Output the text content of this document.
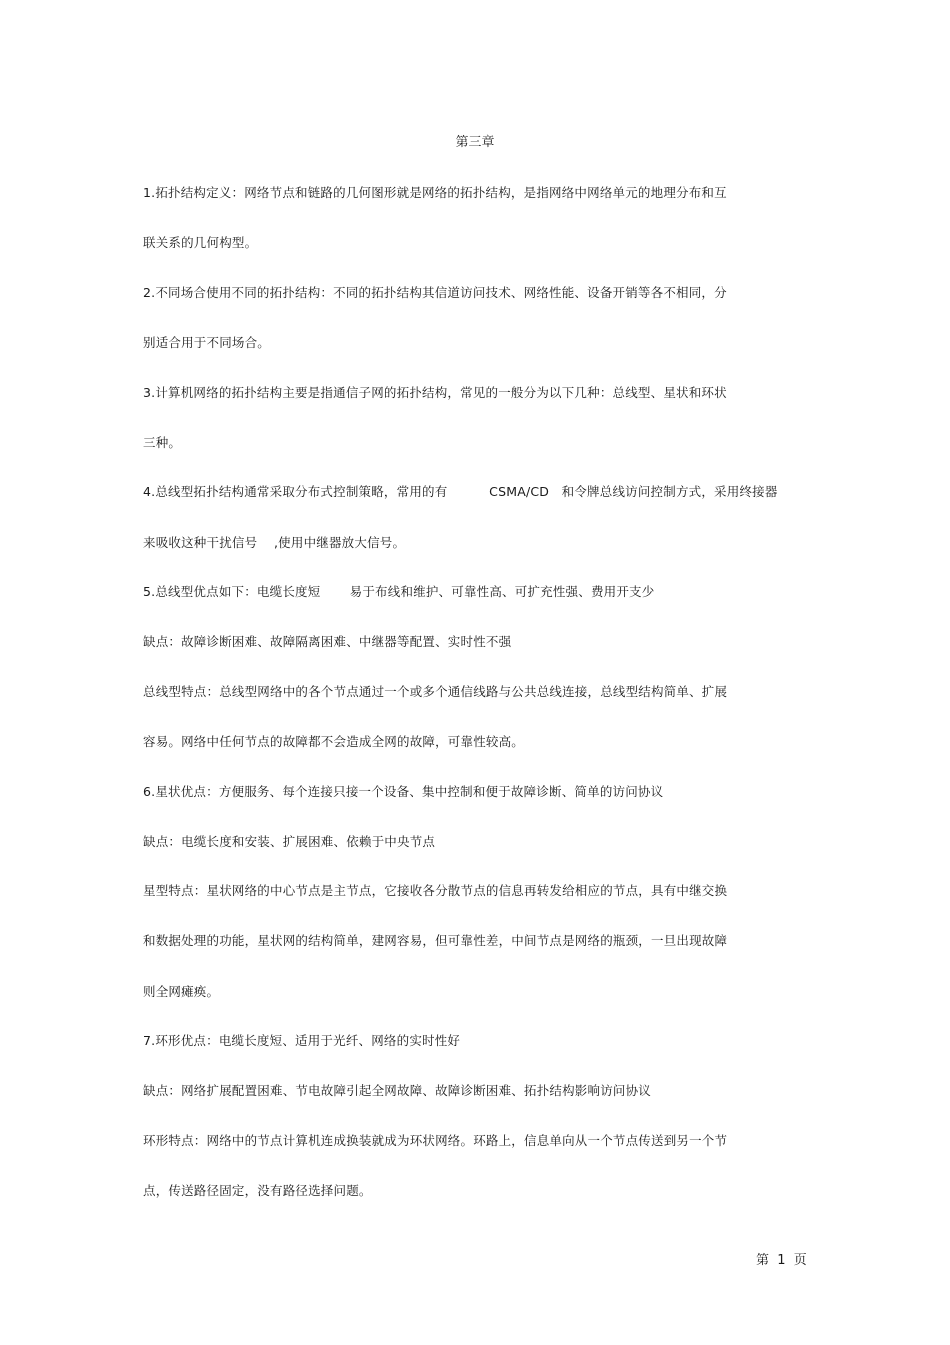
第三章
1.拓扑结构定义：网络节点和链路的几何图形就是网络的拓扑结构，是指网络中网络单元的地理分布和互
联关系的几何构型。
2.不同场合使用不同的拓扑结构：不同的拓扑结构其信道访问技术、网络性能、设备开销等各不相同，分
别适合用于不同场合。
3.计算机网络的拓扑结构主要是指通信子网的拓扑结构，常见的一般分为以下几种：总线型、星状和环状
三种。
4.总线型拓扑结构通常采取分布式控制策略，常用的有          CSMA/CD   和令牌总线访问控制方式，采用终接器
来吸收这种干扰信号    ,使用中继器放大信号。
5.总线型优点如下：电缆长度短       易于布线和维护、可靠性高、可扩充性强、费用开支少
缺点：故障诊断困难、故障隔离困难、中继器等配置、实时性不强
总线型特点：总线型网络中的各个节点通过一个或多个通信线路与公共总线连接，总线型结构简单、扩展
容易。网络中任何节点的故障都不会造成全网的故障，可靠性较高。
6.星状优点：方便服务、每个连接只接一个设备、集中控制和便于故障诊断、简单的访问协议
缺点：电缆长度和安装、扩展困难、依赖于中央节点
星型特点：星状网络的中心节点是主节点，它接收各分散节点的信息再转发给相应的节点，具有中继交换
和数据处理的功能，星状网的结构简单，建网容易，但可靠性差，中间节点是网络的瓶颈，一旦出现故障
则全网瘫痪。
7.环形优点：电缆长度短、适用于光纤、网络的实时性好
缺点：网络扩展配置困难、节电故障引起全网故障、故障诊断困难、拓扑结构影响访问协议
环形特点：网络中的节点计算机连成换装就成为环状网络。环路上，信息单向从一个节点传送到另一个节
点，传送路径固定，没有路径选择问题。
第  1  页
